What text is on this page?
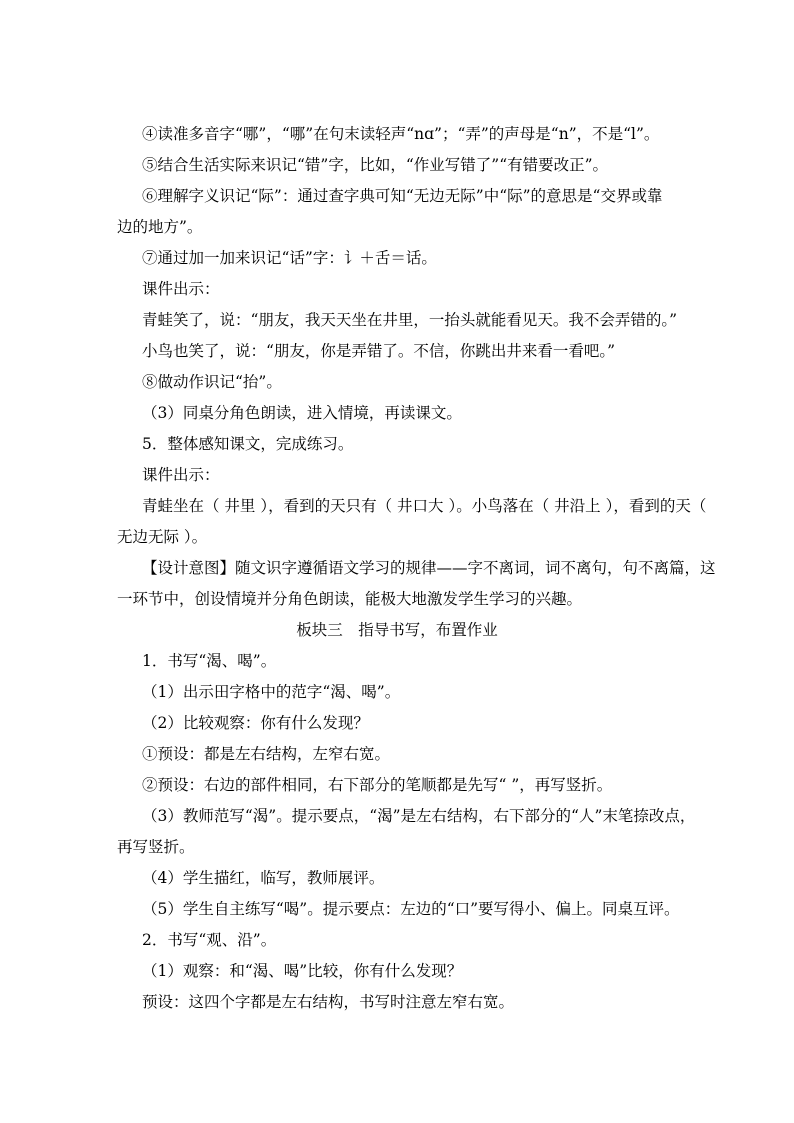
④读准多音字“哪”，“哪”在句末读轻声“nɑ”；“弄”的声母是“n”，不是“l”。
⑤结合生活实际来识记“错”字，比如，“作业写错了”“有错要改正”。
⑥理解字义识记“际”：通过查字典可知“无边无际”中“际”的意思是“交界或靠
边的地方”。
⑦通过加一加来识记“话”字：讠＋舌＝话。
课件出示：
青蛙笑了，说：“朋友，我天天坐在井里，一抬头就能看见天。我不会弄错的。”
小鸟也笑了，说：“朋友，你是弄错了。不信，你跳出井来看一看吧。”
⑧做动作识记“抬”。
（3）同桌分角色朗读，进入情境，再读课文。
5．整体感知课文，完成练习。
课件出示：
青蛙坐在（ 井里 ），看到的天只有（ 井口大 ）。小鸟落在（ 井沿上 ），看到的天（
无边无际 ）。
【设计意图】随文识字遵循语文学习的规律——字不离词，词不离句，句不离篇，这
一环节中，创设情境并分角色朗读，能极大地激发学生学习的兴趣。
板块三　指导书写，布置作业
1．书写“渴、喝”。
（1）出示田字格中的范字“渴、喝”。
（2）比较观察：你有什么发现？
①预设：都是左右结构，左窄右宽。
②预设：右边的部件相同，右下部分的笔顺都是先写“ ”，再写竖折。
（3）教师范写“渴”。提示要点，“渴”是左右结构，右下部分的“人”末笔捺改点，
再写竖折。
（4）学生描红，临写，教师展评。
（5）学生自主练写“喝”。提示要点：左边的“口”要写得小、偏上。同桌互评。
2．书写“观、沿”。
（1）观察：和“渴、喝”比较，你有什么发现？
预设：这四个字都是左右结构，书写时注意左窄右宽。
